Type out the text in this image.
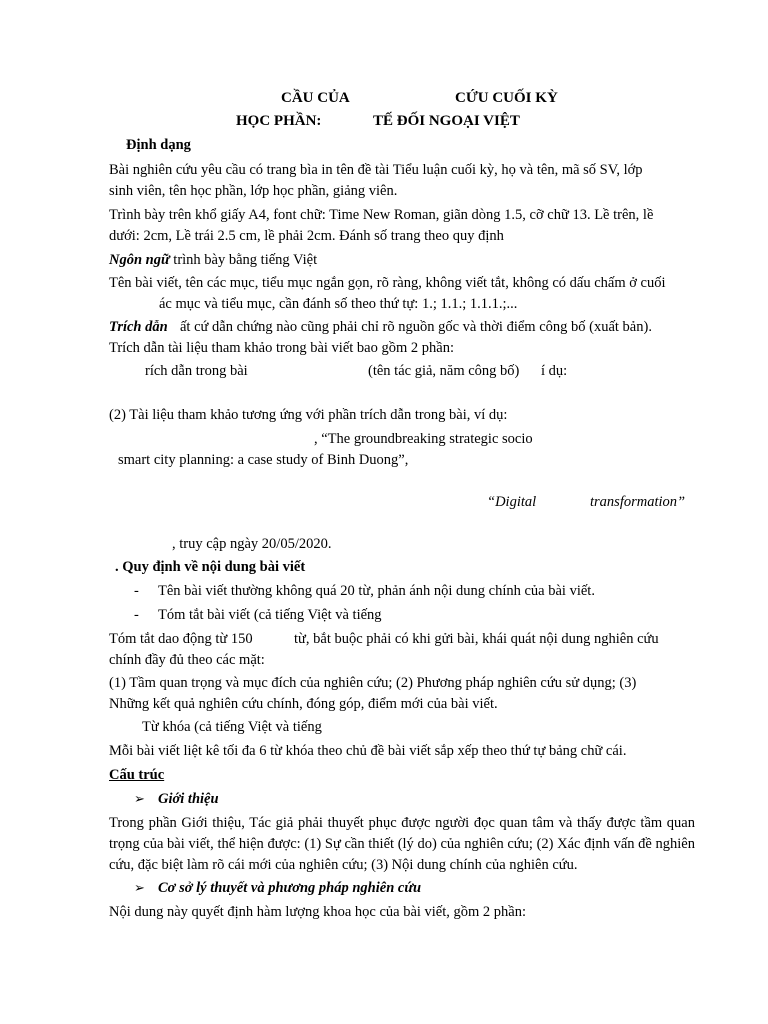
CẦU CỦA	CỨU CUỐI KỲ
HỌC PHẦN:	TẾ ĐỐI NGOẠI VIỆT
Định dạng
Bài nghiên cứu yêu cầu có trang bìa in tên đề tài Tiểu luận cuối kỳ, họ và tên, mã số SV, lớp
sinh viên, tên học phần, lớp học phần, giảng viên.
Trình bày trên khổ giấy A4, font chữ: Time New Roman, giãn dòng 1.5, cỡ chữ 13. Lề trên, lề
dưới: 2cm, Lề trái 2.5 cm, lề phải 2cm. Đánh số trang theo quy định
Ngôn ngữ trình bày bằng tiếng Việt
Tên bài viết, tên các mục, tiểu mục ngắn gọn, rõ ràng, không viết tắt, không có dấu chấm ở cuối
ác mục và tiểu mục, cần đánh số theo thứ tự: 1.; 1.1.; 1.1.1.;...
Trích dẫn ất cứ dẫn chứng nào cũng phải chỉ rõ nguồn gốc và thời điểm công bố (xuất bản).
Trích dẫn tài liệu tham khảo trong bài viết bao gồm 2 phần:
rích dẫn trong bài	(tên tác giả, năm công bố) í dụ:
(2) Tài liệu tham khảo tương ứng với phần trích dẫn trong bài, ví dụ:
, “The groundbreaking strategic socio
smart city planning: a case study of Binh Duong”,
“Digital	transformation”
, truy cập ngày 20/05/2020.
. Quy định về nội dung bài viết
- Tên bài viết thường không quá 20 từ, phản ánh nội dung chính của bài viết.
- Tóm tắt bài viết (cả tiếng Việt và tiếng
Tóm tắt dao động từ 150	từ, bắt buộc phải có khi gửi bài, khái quát nội dung nghiên cứu
chính đầy đủ theo các mặt:
(1) Tầm quan trọng và mục đích của nghiên cứu; (2) Phương pháp nghiên cứu sử dụng; (3)
Những kết quả nghiên cứu chính, đóng góp, điểm mới của bài viết.
Từ khóa (cả tiếng Việt và tiếng
Mỗi bài viết liệt kê tối đa 6 từ khóa theo chủ đề bài viết sắp xếp theo thứ tự bảng chữ cái.
Cấu trúc
➢ Giới thiệu
Trong phần Giới thiệu, Tác giả phải thuyết phục được người đọc quan tâm và thấy được tầm quan trọng của bài viết, thể hiện được: (1) Sự cần thiết (lý do) của nghiên cứu; (2) Xác định vấn đề nghiên cứu, đặc biệt làm rõ cái mới của nghiên cứu; (3) Nội dung chính của nghiên cứu.
➢ Cơ sở lý thuyết và phương pháp nghiên cứu
Nội dung này quyết định hàm lượng khoa học của bài viết, gồm 2 phần:
